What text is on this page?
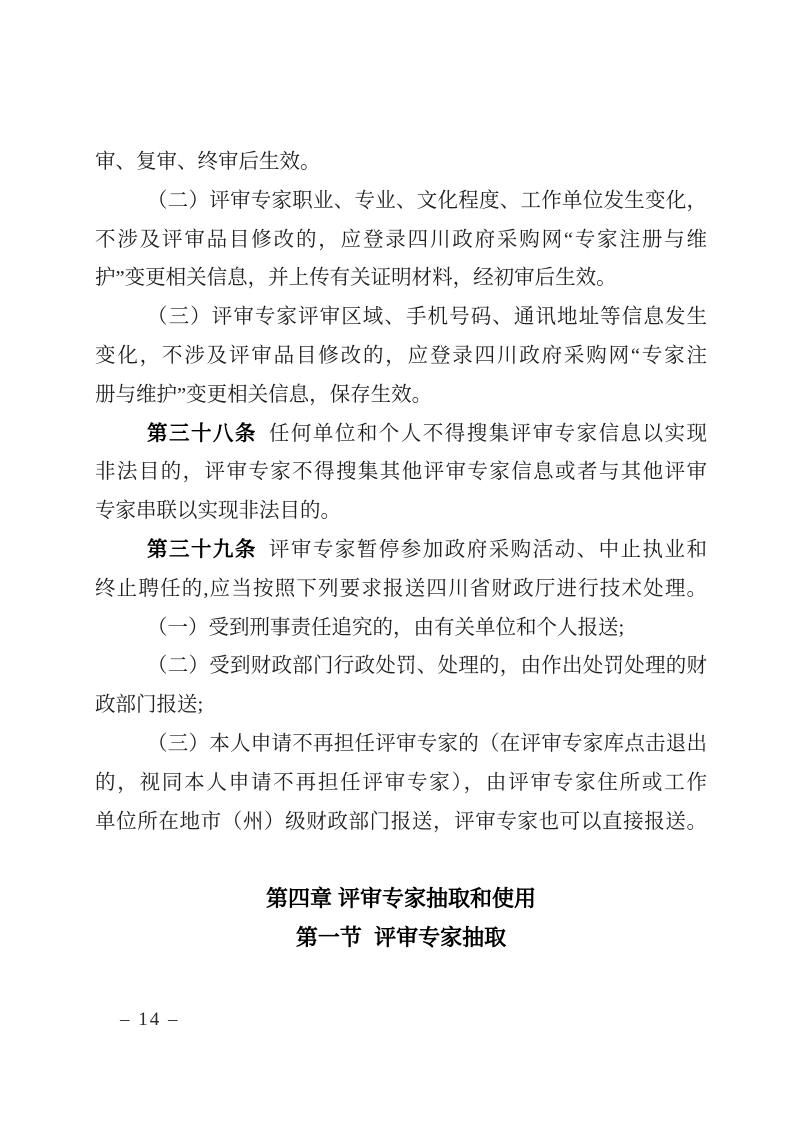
审、复审、终审后生效。
（二）评审专家职业、专业、文化程度、工作单位发生变化，
不涉及评审品目修改的，应登录四川政府采购网“专家注册与维
护”变更相关信息，并上传有关证明材料，经初审后生效。
（三）评审专家评审区域、手机号码、通讯地址等信息发生
变化，不涉及评审品目修改的，应登录四川政府采购网“专家注
册与维护”变更相关信息，保存生效。
第三十八条 任何单位和个人不得搜集评审专家信息以实现
非法目的，评审专家不得搜集其他评审专家信息或者与其他评审
专家串联以实现非法目的。
第三十九条 评审专家暂停参加政府采购活动、中止执业和
终止聘任的,应当按照下列要求报送四川省财政厅进行技术处理。
（一）受到刑事责任追究的，由有关单位和个人报送;
（二）受到财政部门行政处罚、处理的，由作出处罚处理的财
政部门报送;
（三）本人申请不再担任评审专家的（在评审专家库点击退出
的，视同本人申请不再担任评审专家），由评审专家住所或工作
单位所在地市（州）级财政部门报送，评审专家也可以直接报送。
第四章 评审专家抽取和使用
第一节  评审专家抽取
– 14 –
